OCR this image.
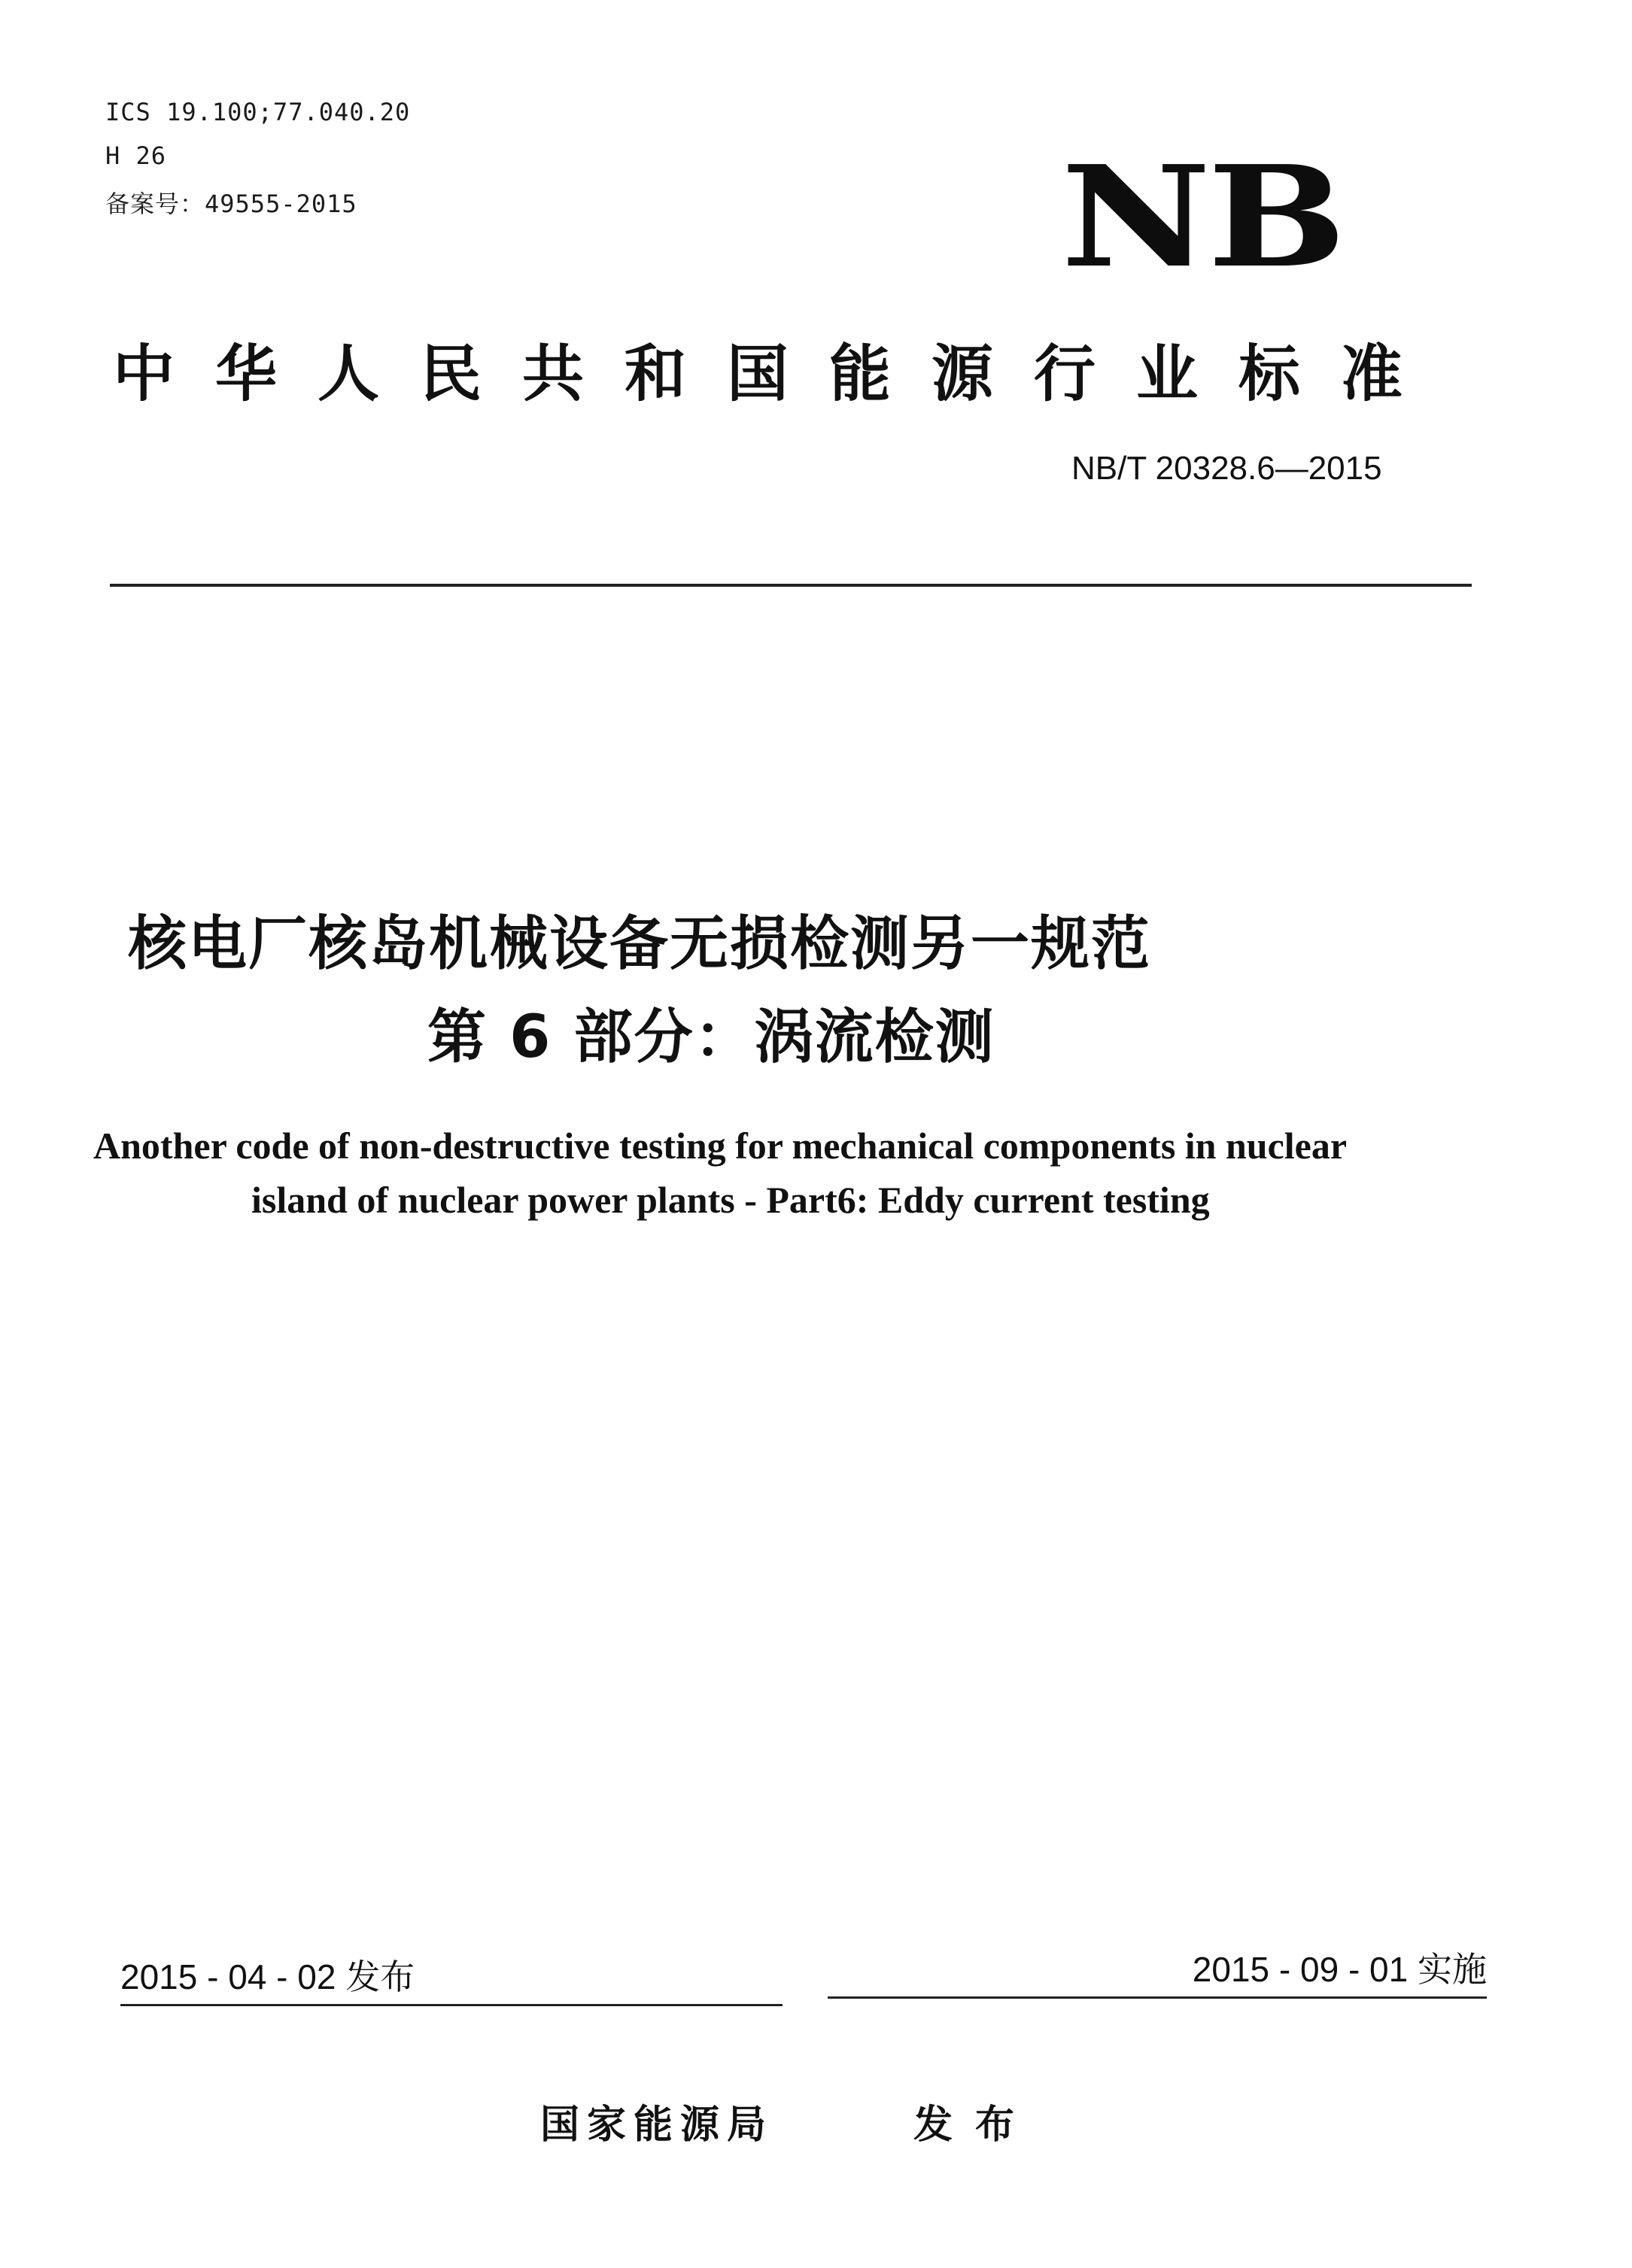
ICS 19.100;77.040.20
H 26
备案号：49555-2015	NB
中华人民共和国能源行业标准
NB/T 20328.6—2015
核电厂核岛机械设备无损检测另一规范
第 6 部分：涡流检测
Another code of non-destructive testing for mechanical components in nuclear
island of nuclear power plants - Part6: Eddy current testing
2015 - 04 - 02 发布	2015 - 09 - 01 实施
国家能源局	发布
